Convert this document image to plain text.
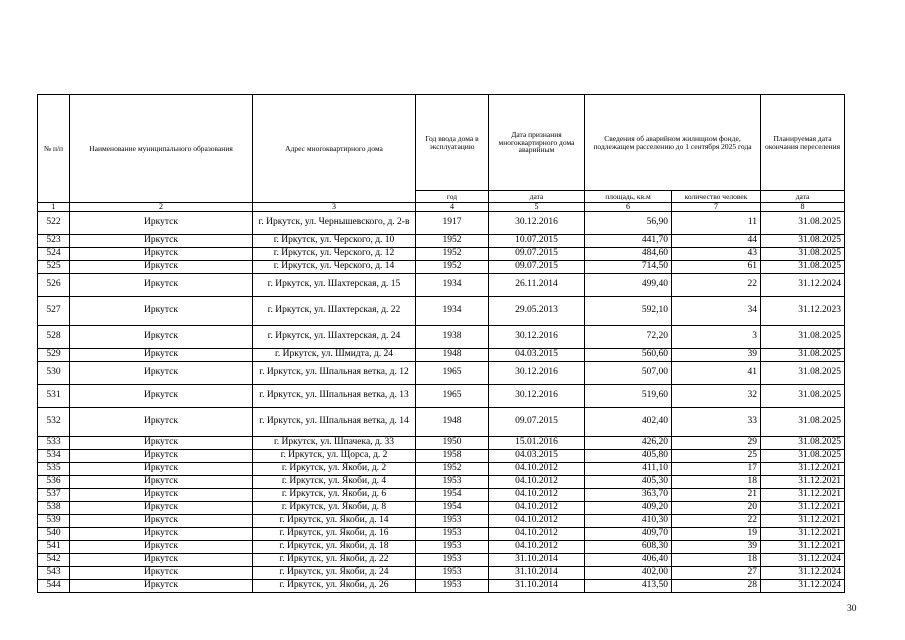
№ п/п	Наименование муниципального образования	Адрес многоквартирного дома	Год ввода дома в эксплуатацию	Дата признания многоквартирного дома аварийным	Сведения об аварийном жилищном фонде, подлежащем расселению до 1 сентября 2025 года		Планируемая дата окончания переселения
			год	дата	площадь, кв.м	количество человек	дата
1	2	3	4	5	6	7	8
522	Иркутск	г. Иркутск, ул. Чернышевского, д. 2-в	1917	30.12.2016	56,90	11	31.08.2025
523	Иркутск	г. Иркутск, ул. Черского, д. 10	1952	10.07.2015	441,70	44	31.08.2025
524	Иркутск	г. Иркутск, ул. Черского, д. 12	1952	09.07.2015	484,60	43	31.08.2025
525	Иркутск	г. Иркутск, ул. Черского, д. 14	1952	09.07.2015	714,50	61	31.08.2025
526	Иркутск	г. Иркутск, ул. Шахтерская, д. 15	1934	26.11.2014	499,40	22	31.12.2024
527	Иркутск	г. Иркутск, ул. Шахтерская, д. 22	1934	29.05.2013	592,10	34	31.12.2023
528	Иркутск	г. Иркутск, ул. Шахтерская, д. 24	1938	30.12.2016	72,20	3	31.08.2025
529	Иркутск	г. Иркутск, ул. Шмидта, д. 24	1948	04.03.2015	560,60	39	31.08.2025
530	Иркутск	г. Иркутск, ул. Шпальная ветка, д. 12	1965	30.12.2016	507,00	41	31.08.2025
531	Иркутск	г. Иркутск, ул. Шпальная ветка, д. 13	1965	30.12.2016	519,60	32	31.08.2025
532	Иркутск	г. Иркутск, ул. Шпальная ветка, д. 14	1948	09.07.2015	402,40	33	31.08.2025
533	Иркутск	г. Иркутск, ул. Шпачека, д. 33	1950	15.01.2016	426,20	29	31.08.2025
534	Иркутск	г. Иркутск, ул. Щорса, д. 2	1958	04.03.2015	405,80	25	31.08.2025
535	Иркутск	г. Иркутск, ул. Якоби, д. 2	1952	04.10.2012	411,10	17	31.12.2021
536	Иркутск	г. Иркутск, ул. Якоби, д. 4	1953	04.10.2012	405,30	18	31.12.2021
537	Иркутск	г. Иркутск, ул. Якоби, д. 6	1954	04.10.2012	363,70	21	31.12.2021
538	Иркутск	г. Иркутск, ул. Якоби, д. 8	1954	04.10.2012	409,20	20	31.12.2021
539	Иркутск	г. Иркутск, ул. Якоби, д. 14	1953	04.10.2012	410,30	22	31.12.2021
540	Иркутск	г. Иркутск, ул. Якоби, д. 16	1953	04.10.2012	409,70	19	31.12.2021
541	Иркутск	г. Иркутск, ул. Якоби, д. 18	1953	04.10.2012	608,30	39	31.12.2021
542	Иркутск	г. Иркутск, ул. Якоби, д. 22	1953	31.10.2014	406,40	18	31.12.2024
543	Иркутск	г. Иркутск, ул. Якоби, д. 24	1953	31.10.2014	402,00	27	31.12.2024
544	Иркутск	г. Иркутск, ул. Якоби, д. 26	1953	31.10.2014	413,50	28	31.12.2024
30
